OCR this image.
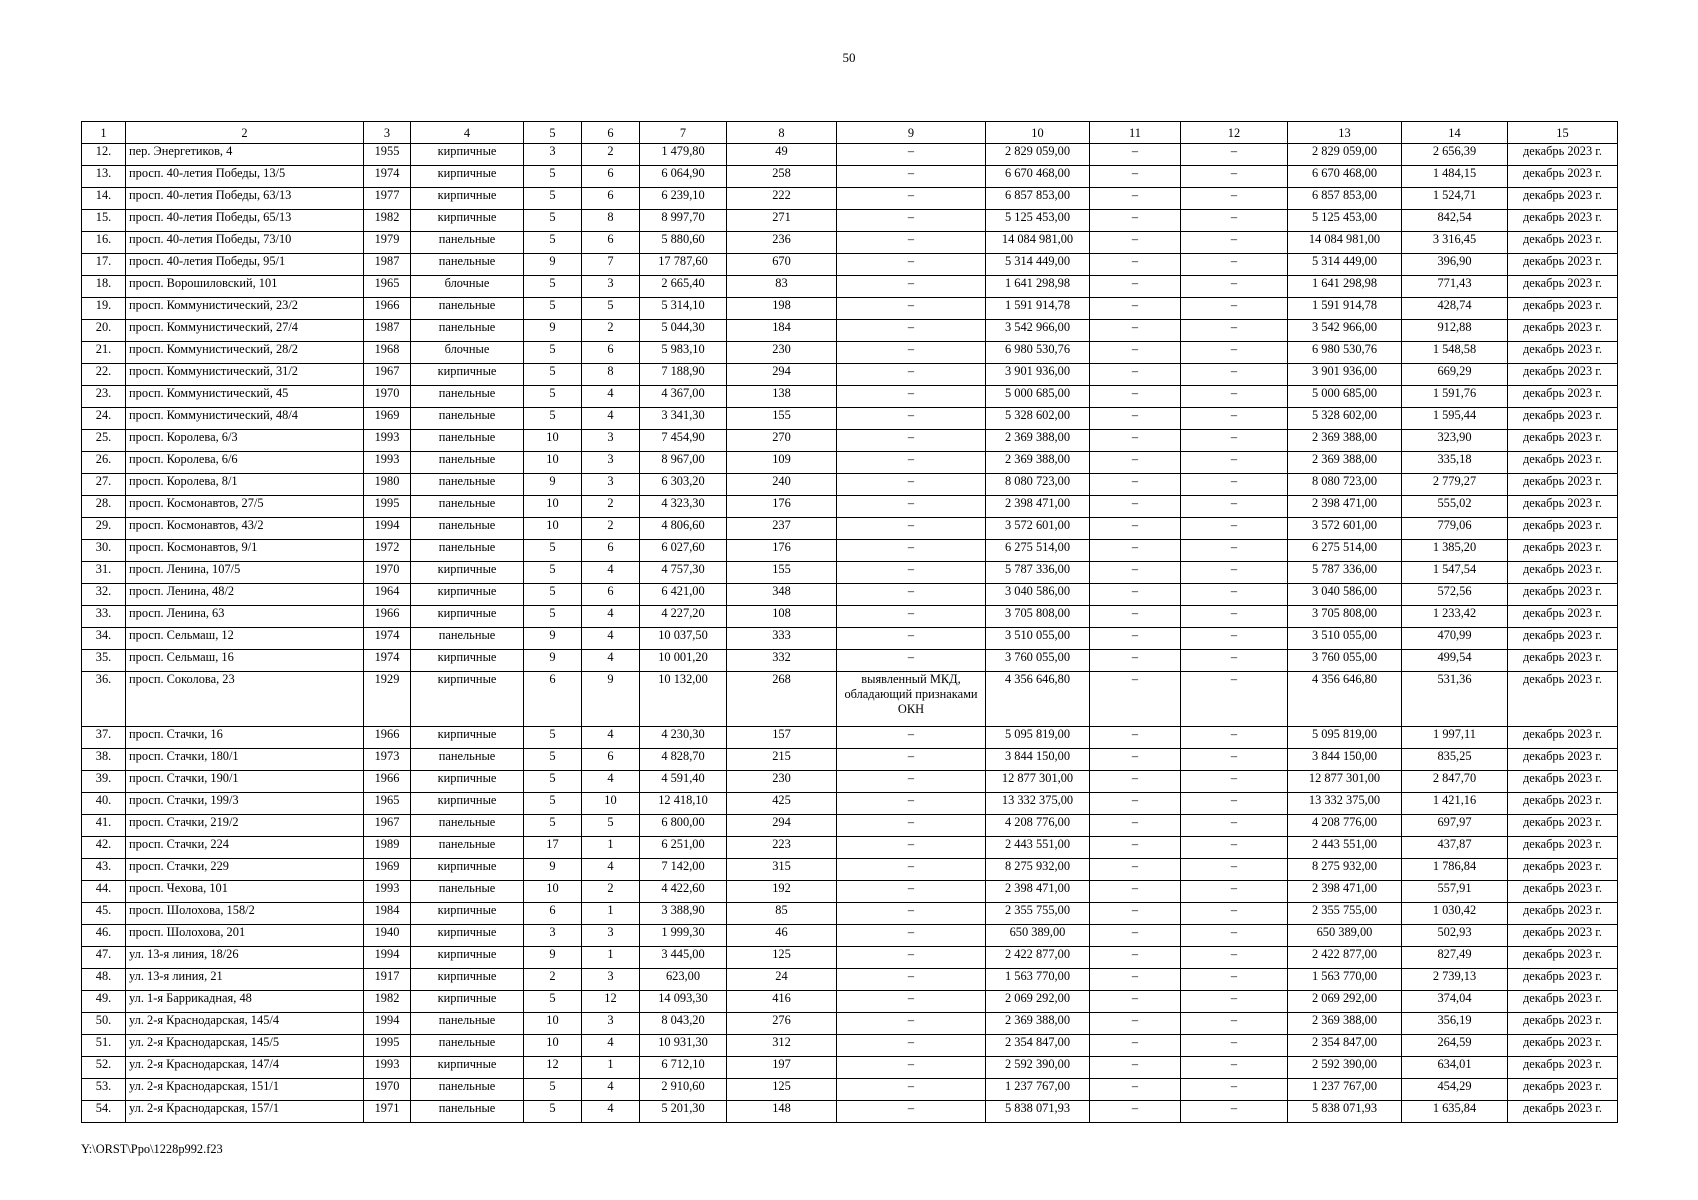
50
1	2	3	4	5	6	7	8	9	10	11	12	13	14	15
12.	пер. Энергетиков, 4	1955	кирпичные	3	2	1 479,80	49	–	2 829 059,00	–	–	2 829 059,00	2 656,39	декабрь 2023 г.
13.	просп. 40-летия Победы, 13/5	1974	кирпичные	5	6	6 064,90	258	–	6 670 468,00	–	–	6 670 468,00	1 484,15	декабрь 2023 г.
14.	просп. 40-летия Победы, 63/13	1977	кирпичные	5	6	6 239,10	222	–	6 857 853,00	–	–	6 857 853,00	1 524,71	декабрь 2023 г.
15.	просп. 40-летия Победы, 65/13	1982	кирпичные	5	8	8 997,70	271	–	5 125 453,00	–	–	5 125 453,00	842,54	декабрь 2023 г.
16.	просп. 40-летия Победы, 73/10	1979	панельные	5	6	5 880,60	236	–	14 084 981,00	–	–	14 084 981,00	3 316,45	декабрь 2023 г.
17.	просп. 40-летия Победы, 95/1	1987	панельные	9	7	17 787,60	670	–	5 314 449,00	–	–	5 314 449,00	396,90	декабрь 2023 г.
18.	просп. Ворошиловский, 101	1965	блочные	5	3	2 665,40	83	–	1 641 298,98	–	–	1 641 298,98	771,43	декабрь 2023 г.
19.	просп. Коммунистический, 23/2	1966	панельные	5	5	5 314,10	198	–	1 591 914,78	–	–	1 591 914,78	428,74	декабрь 2023 г.
20.	просп. Коммунистический, 27/4	1987	панельные	9	2	5 044,30	184	–	3 542 966,00	–	–	3 542 966,00	912,88	декабрь 2023 г.
21.	просп. Коммунистический, 28/2	1968	блочные	5	6	5 983,10	230	–	6 980 530,76	–	–	6 980 530,76	1 548,58	декабрь 2023 г.
22.	просп. Коммунистический, 31/2	1967	кирпичные	5	8	7 188,90	294	–	3 901 936,00	–	–	3 901 936,00	669,29	декабрь 2023 г.
23.	просп. Коммунистический, 45	1970	панельные	5	4	4 367,00	138	–	5 000 685,00	–	–	5 000 685,00	1 591,76	декабрь 2023 г.
24.	просп. Коммунистический, 48/4	1969	панельные	5	4	3 341,30	155	–	5 328 602,00	–	–	5 328 602,00	1 595,44	декабрь 2023 г.
25.	просп. Королева, 6/3	1993	панельные	10	3	7 454,90	270	–	2 369 388,00	–	–	2 369 388,00	323,90	декабрь 2023 г.
26.	просп. Королева, 6/6	1993	панельные	10	3	8 967,00	109	–	2 369 388,00	–	–	2 369 388,00	335,18	декабрь 2023 г.
27.	просп. Королева, 8/1	1980	панельные	9	3	6 303,20	240	–	8 080 723,00	–	–	8 080 723,00	2 779,27	декабрь 2023 г.
28.	просп. Космонавтов, 27/5	1995	панельные	10	2	4 323,30	176	–	2 398 471,00	–	–	2 398 471,00	555,02	декабрь 2023 г.
29.	просп. Космонавтов, 43/2	1994	панельные	10	2	4 806,60	237	–	3 572 601,00	–	–	3 572 601,00	779,06	декабрь 2023 г.
30.	просп. Космонавтов, 9/1	1972	панельные	5	6	6 027,60	176	–	6 275 514,00	–	–	6 275 514,00	1 385,20	декабрь 2023 г.
31.	просп. Ленина, 107/5	1970	кирпичные	5	4	4 757,30	155	–	5 787 336,00	–	–	5 787 336,00	1 547,54	декабрь 2023 г.
32.	просп. Ленина, 48/2	1964	кирпичные	5	6	6 421,00	348	–	3 040 586,00	–	–	3 040 586,00	572,56	декабрь 2023 г.
33.	просп. Ленина, 63	1966	кирпичные	5	4	4 227,20	108	–	3 705 808,00	–	–	3 705 808,00	1 233,42	декабрь 2023 г.
34.	просп. Сельмаш, 12	1974	панельные	9	4	10 037,50	333	–	3 510 055,00	–	–	3 510 055,00	470,99	декабрь 2023 г.
35.	просп. Сельмаш, 16	1974	кирпичные	9	4	10 001,20	332	–	3 760 055,00	–	–	3 760 055,00	499,54	декабрь 2023 г.
36.	просп. Соколова, 23	1929	кирпичные	6	9	10 132,00	268	выявленный МКД, обладающий признаками ОКН	4 356 646,80	–	–	4 356 646,80	531,36	декабрь 2023 г.
37.	просп. Стачки, 16	1966	кирпичные	5	4	4 230,30	157	–	5 095 819,00	–	–	5 095 819,00	1 997,11	декабрь 2023 г.
38.	просп. Стачки, 180/1	1973	панельные	5	6	4 828,70	215	–	3 844 150,00	–	–	3 844 150,00	835,25	декабрь 2023 г.
39.	просп. Стачки, 190/1	1966	кирпичные	5	4	4 591,40	230	–	12 877 301,00	–	–	12 877 301,00	2 847,70	декабрь 2023 г.
40.	просп. Стачки, 199/3	1965	кирпичные	5	10	12 418,10	425	–	13 332 375,00	–	–	13 332 375,00	1 421,16	декабрь 2023 г.
41.	просп. Стачки, 219/2	1967	панельные	5	5	6 800,00	294	–	4 208 776,00	–	–	4 208 776,00	697,97	декабрь 2023 г.
42.	просп. Стачки, 224	1989	панельные	17	1	6 251,00	223	–	2 443 551,00	–	–	2 443 551,00	437,87	декабрь 2023 г.
43.	просп. Стачки, 229	1969	кирпичные	9	4	7 142,00	315	–	8 275 932,00	–	–	8 275 932,00	1 786,84	декабрь 2023 г.
44.	просп. Чехова, 101	1993	панельные	10	2	4 422,60	192	–	2 398 471,00	–	–	2 398 471,00	557,91	декабрь 2023 г.
45.	просп. Шолохова, 158/2	1984	кирпичные	6	1	3 388,90	85	–	2 355 755,00	–	–	2 355 755,00	1 030,42	декабрь 2023 г.
46.	просп. Шолохова, 201	1940	кирпичные	3	3	1 999,30	46	–	650 389,00	–	–	650 389,00	502,93	декабрь 2023 г.
47.	ул. 13-я линия, 18/26	1994	кирпичные	9	1	3 445,00	125	–	2 422 877,00	–	–	2 422 877,00	827,49	декабрь 2023 г.
48.	ул. 13-я линия, 21	1917	кирпичные	2	3	623,00	24	–	1 563 770,00	–	–	1 563 770,00	2 739,13	декабрь 2023 г.
49.	ул. 1-я Баррикадная, 48	1982	кирпичные	5	12	14 093,30	416	–	2 069 292,00	–	–	2 069 292,00	374,04	декабрь 2023 г.
50.	ул. 2-я Краснодарская, 145/4	1994	панельные	10	3	8 043,20	276	–	2 369 388,00	–	–	2 369 388,00	356,19	декабрь 2023 г.
51.	ул. 2-я Краснодарская, 145/5	1995	панельные	10	4	10 931,30	312	–	2 354 847,00	–	–	2 354 847,00	264,59	декабрь 2023 г.
52.	ул. 2-я Краснодарская, 147/4	1993	кирпичные	12	1	6 712,10	197	–	2 592 390,00	–	–	2 592 390,00	634,01	декабрь 2023 г.
53.	ул. 2-я Краснодарская, 151/1	1970	панельные	5	4	2 910,60	125	–	1 237 767,00	–	–	1 237 767,00	454,29	декабрь 2023 г.
54.	ул. 2-я Краснодарская, 157/1	1971	панельные	5	4	5 201,30	148	–	5 838 071,93	–	–	5 838 071,93	1 635,84	декабрь 2023 г.
Y:\ORST\Ppo\1228p992.f23
